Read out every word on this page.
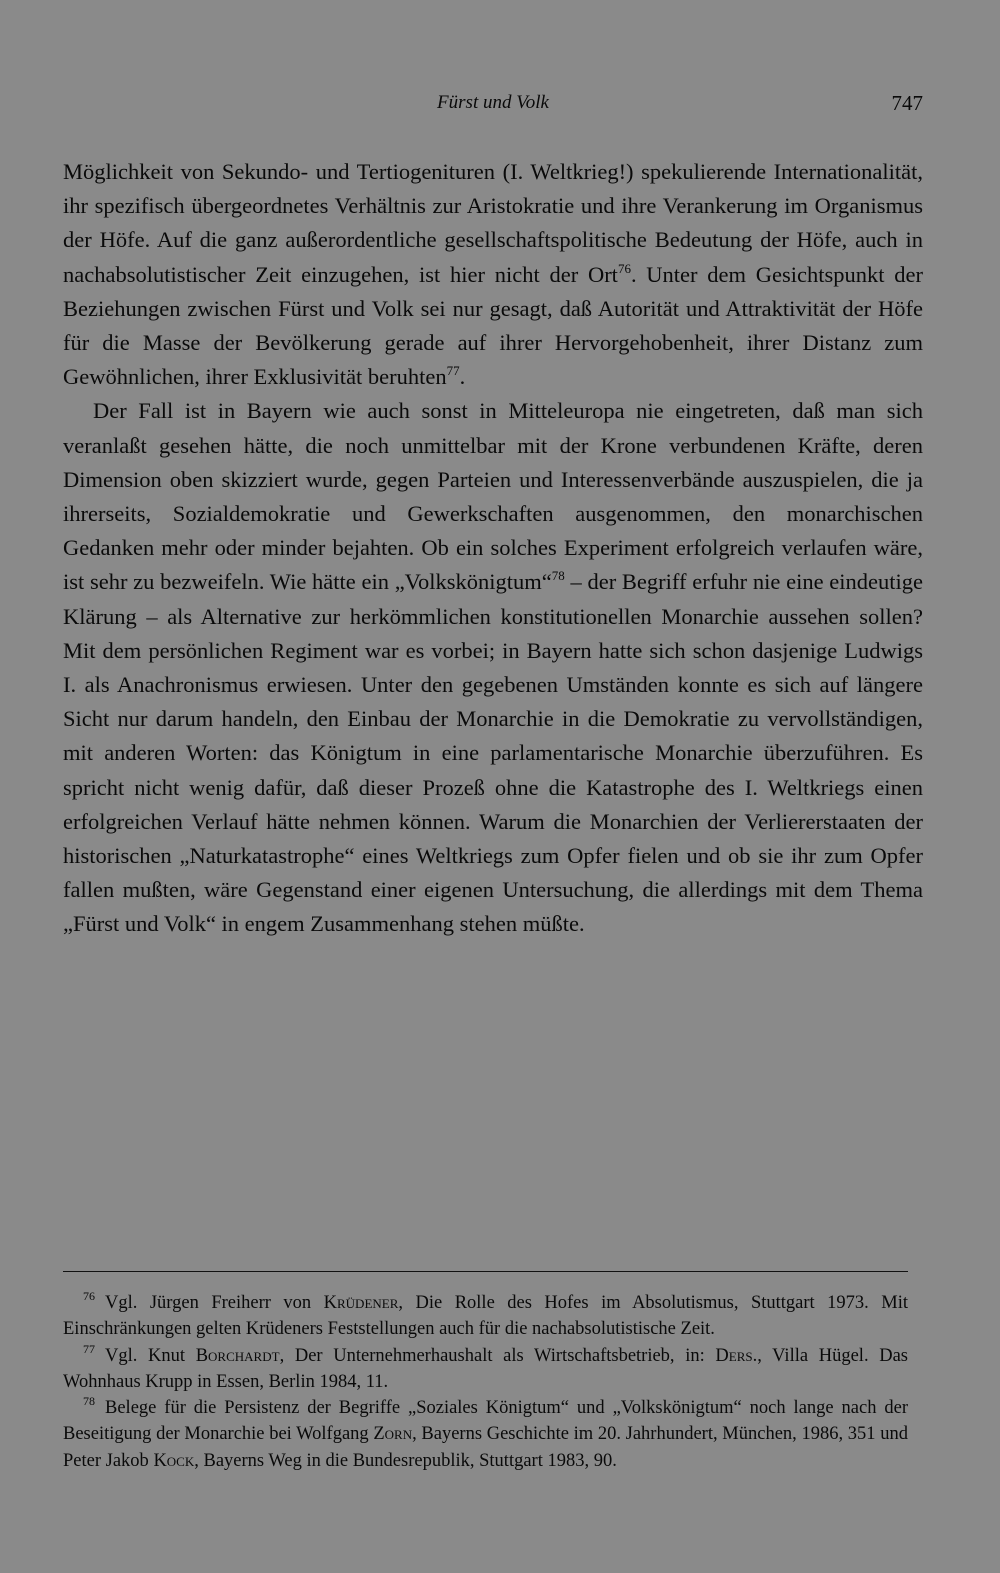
Fürst und Volk	747

Möglichkeit von Sekundo- und Tertiogenituren (I. Weltkrieg!) spekulierende Internationalität, ihr spezifisch übergeordnetes Verhältnis zur Aristokratie und ihre Verankerung im Organismus der Höfe. Auf die ganz außerordentliche gesellschaftspolitische Bedeutung der Höfe, auch in nachabsolutistischer Zeit einzugehen, ist hier nicht der Ort$^{76}$. Unter dem Gesichtspunkt der Beziehungen zwischen Fürst und Volk sei nur gesagt, daß Autorität und Attraktivität der Höfe für die Masse der Bevölkerung gerade auf ihrer Hervorgehobenheit, ihrer Distanz zum Gewöhnlichen, ihrer Exklusivität beruhten$^{77}$.

Der Fall ist in Bayern wie auch sonst in Mitteleuropa nie eingetreten, daß man sich veranlaßt gesehen hätte, die noch unmittelbar mit der Krone verbundenen Kräfte, deren Dimension oben skizziert wurde, gegen Parteien und Interessenverbände auszuspielen, die ja ihrerseits, Sozialdemokratie und Gewerkschaften ausgenommen, den monarchischen Gedanken mehr oder minder bejahten. Ob ein solches Experiment erfolgreich verlaufen wäre, ist sehr zu bezweifeln. Wie hätte ein „Volkskönigtum“$^{78}$ – der Begriff erfuhr nie eine eindeutige Klärung – als Alternative zur herkömmlichen konstitutionellen Monarchie aussehen sollen? Mit dem persönlichen Regiment war es vorbei; in Bayern hatte sich schon dasjenige Ludwigs I. als Anachronismus erwiesen. Unter den gegebenen Umständen konnte es sich auf längere Sicht nur darum handeln, den Einbau der Monarchie in die Demokratie zu vervollständigen, mit anderen Worten: das Königtum in eine parlamentarische Monarchie überzuführen. Es spricht nicht wenig dafür, daß dieser Prozeß ohne die Katastrophe des I. Weltkriegs einen erfolgreichen Verlauf hätte nehmen können. Warum die Monarchien der Verliererstaaten der historischen „Naturkatastrophe“ eines Weltkriegs zum Opfer fielen und ob sie ihr zum Opfer fallen mußten, wäre Gegenstand einer eigenen Untersuchung, die allerdings mit dem Thema „Fürst und Volk“ in engem Zusammenhang stehen müßte.

$^{76}$ Vgl. Jürgen Freiherr von Krüdener, Die Rolle des Hofes im Absolutismus, Stuttgart 1973. Mit Einschränkungen gelten Krüdeners Feststellungen auch für die nachabsolutistische Zeit.

$^{77}$ Vgl. Knut Borchardt, Der Unternehmerhaushalt als Wirtschaftsbetrieb, in: Ders., Villa Hügel. Das Wohnhaus Krupp in Essen, Berlin 1984, 11.

$^{78}$ Belege für die Persistenz der Begriffe „Soziales Königtum“ und „Volkskönigtum“ noch lange nach der Beseitigung der Monarchie bei Wolfgang Zorn, Bayerns Geschichte im 20. Jahrhundert, München, 1986, 351 und Peter Jakob Kock, Bayerns Weg in die Bundesrepublik, Stuttgart 1983, 90.
